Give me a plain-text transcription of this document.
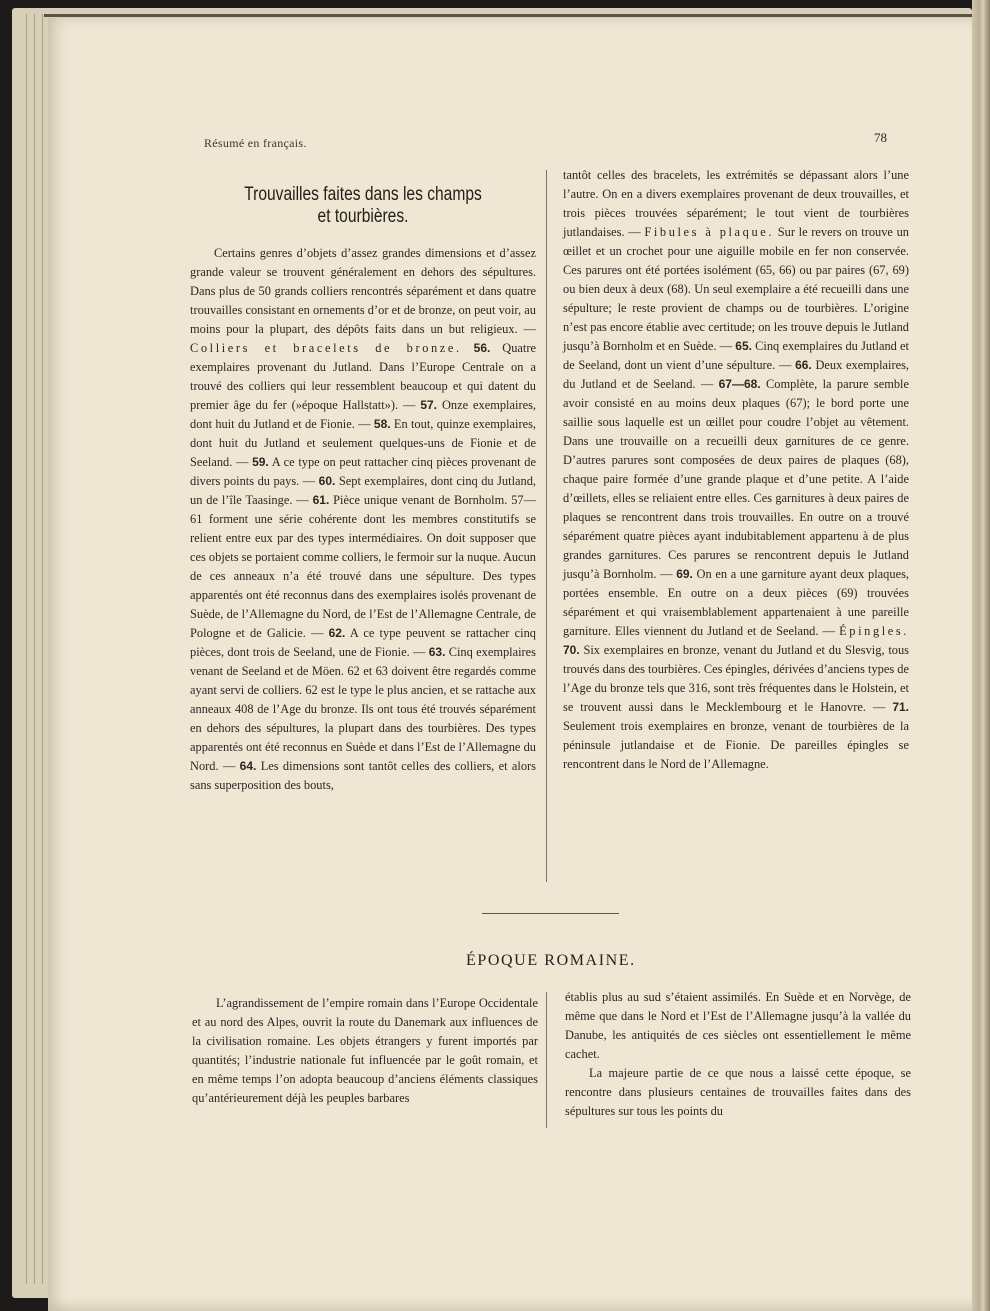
Résumé en français.	78
Trouvailles faites dans les champs
et tourbières.

Certains genres d’objets d’assez grandes dimensions et d’assez grande valeur se trouvent généralement en dehors des sépultures. Dans plus de 50 grands colliers rencontrés séparément et dans quatre trouvailles consistant en ornements d’or et de bronze, on peut voir, au moins pour la plupart, des dépôts faits dans un but religieux. — Colliers et bracelets de bronze. 56. Quatre exemplaires provenant du Jutland. Dans l’Europe Centrale on a trouvé des colliers qui leur ressemblent beaucoup et qui datent du premier âge du fer (»époque Hallstatt»). — 57. Onze exemplaires, dont huit du Jutland et de Fionie. — 58. En tout, quinze exemplaires, dont huit du Jutland et seulement quelques-uns de Fionie et de Seeland. — 59. A ce type on peut rattacher cinq pièces provenant de divers points du pays. — 60. Sept exemplaires, dont cinq du Jutland, un de l’île Taasinge. — 61. Pièce unique venant de Bornholm. 57—61 forment une série cohérente dont les membres constitutifs se relient entre eux par des types intermédiaires. On doit supposer que ces objets se portaient comme colliers, le fermoir sur la nuque. Aucun de ces anneaux n’a été trouvé dans une sépulture. Des types apparentés ont été reconnus dans des exemplaires isolés provenant de Suède, de l’Allemagne du Nord, de l’Est de l’Allemagne Centrale, de Pologne et de Galicie. — 62. A ce type peuvent se rattacher cinq pièces, dont trois de Seeland, une de Fionie. — 63. Cinq exemplaires venant de Seeland et de Möen. 62 et 63 doivent être regardés comme ayant servi de colliers. 62 est le type le plus ancien, et se rattache aux anneaux 408 de l’Age du bronze. Ils ont tous été trouvés séparément en dehors des sépultures, la plupart dans des tourbières. Des types apparentés ont été reconnus en Suède et dans l’Est de l’Allemagne du Nord. — 64. Les dimensions sont tantôt celles des colliers, et alors sans superposition des bouts,

tantôt celles des bracelets, les extrémités se dépassant alors l’une l’autre. On en a divers exemplaires provenant de deux trouvailles, et trois pièces trouvées séparément; le tout vient de tourbières jutlandaises. — Fibules à plaque. Sur le revers on trouve un œillet et un crochet pour une aiguille mobile en fer non conservée. Ces parures ont été portées isolément (65, 66) ou par paires (67, 69) ou bien deux à deux (68). Un seul exemplaire a été recueilli dans une sépulture; le reste provient de champs ou de tourbières. L’origine n’est pas encore établie avec certitude; on les trouve depuis le Jutland jusqu’à Bornholm et en Suède. — 65. Cinq exemplaires du Jutland et de Seeland, dont un vient d’une sépulture. — 66. Deux exemplaires, du Jutland et de Seeland. — 67—68. Complète, la parure semble avoir consisté en au moins deux plaques (67); le bord porte une saillie sous laquelle est un œillet pour coudre l’objet au vêtement. Dans une trouvaille on a recueilli deux garnitures de ce genre. D’autres parures sont composées de deux paires de plaques (68), chaque paire formée d’une grande plaque et d’une petite. A l’aide d’œillets, elles se reliaient entre elles. Ces garnitures à deux paires de plaques se rencontrent dans trois trouvailles. En outre on a trouvé séparément quatre pièces ayant indubitablement appartenu à de plus grandes garnitures. Ces parures se rencontrent depuis le Jutland jusqu’à Bornholm. — 69. On en a une garniture ayant deux plaques, portées ensemble. En outre on a deux pièces (69) trouvées séparément et qui vraisemblablement appartenaient à une pareille garniture. Elles viennent du Jutland et de Seeland. — Épingles. 70. Six exemplaires en bronze, venant du Jutland et du Slesvig, tous trouvés dans des tourbières. Ces épingles, dérivées d’anciens types de l’Age du bronze tels que 316, sont très fréquentes dans le Holstein, et se trouvent aussi dans le Mecklembourg et le Hanovre. — 71. Seulement trois exemplaires en bronze, venant de tourbières de la péninsule jutlandaise et de Fionie. De pareilles épingles se rencontrent dans le Nord de l’Allemagne.

ÉPOQUE ROMAINE.

L’agrandissement de l’empire romain dans l’Europe Occidentale et au nord des Alpes, ouvrit la route du Danemark aux influences de la civilisation romaine. Les objets étrangers y furent importés par quantités; l’industrie nationale fut influencée par le goût romain, et en même temps l’on adopta beaucoup d’anciens éléments classiques qu’antérieurement déjà les peuples barbares

établis plus au sud s’étaient assimilés. En Suède et en Norvège, de même que dans le Nord et l’Est de l’Allemagne jusqu’à la vallée du Danube, les antiquités de ces siècles ont essentiellement le même cachet.

La majeure partie de ce que nous a laissé cette époque, se rencontre dans plusieurs centaines de trouvailles faites dans des sépultures sur tous les points du
